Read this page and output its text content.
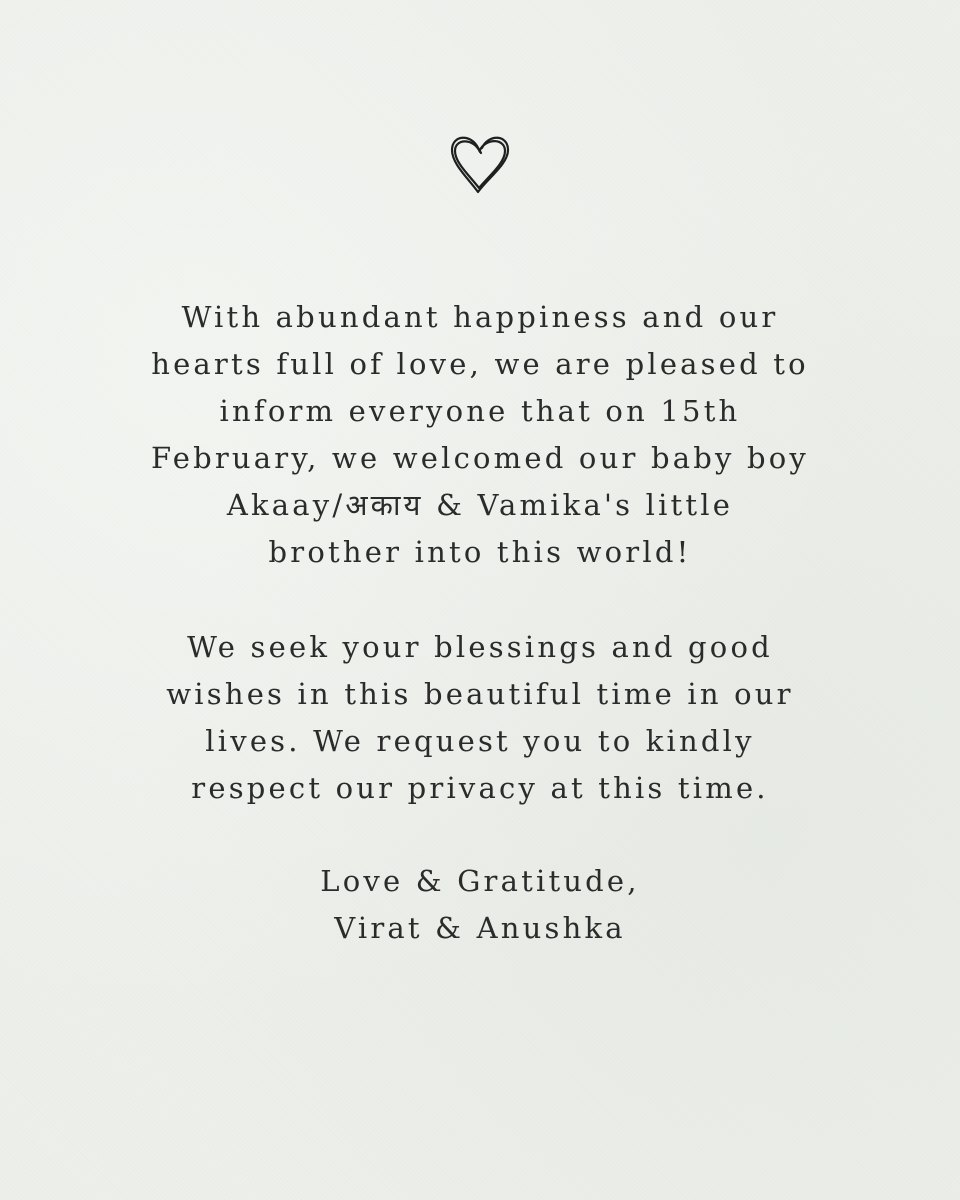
With abundant happiness and our
hearts full of love, we are pleased to
inform everyone that on 15th
February, we welcomed our baby boy
Akaay/अकाय & Vamika's little
brother into this world!

We seek your blessings and good
wishes in this beautiful time in our
lives. We request you to kindly
respect our privacy at this time.

Love & Gratitude,
Virat & Anushka
